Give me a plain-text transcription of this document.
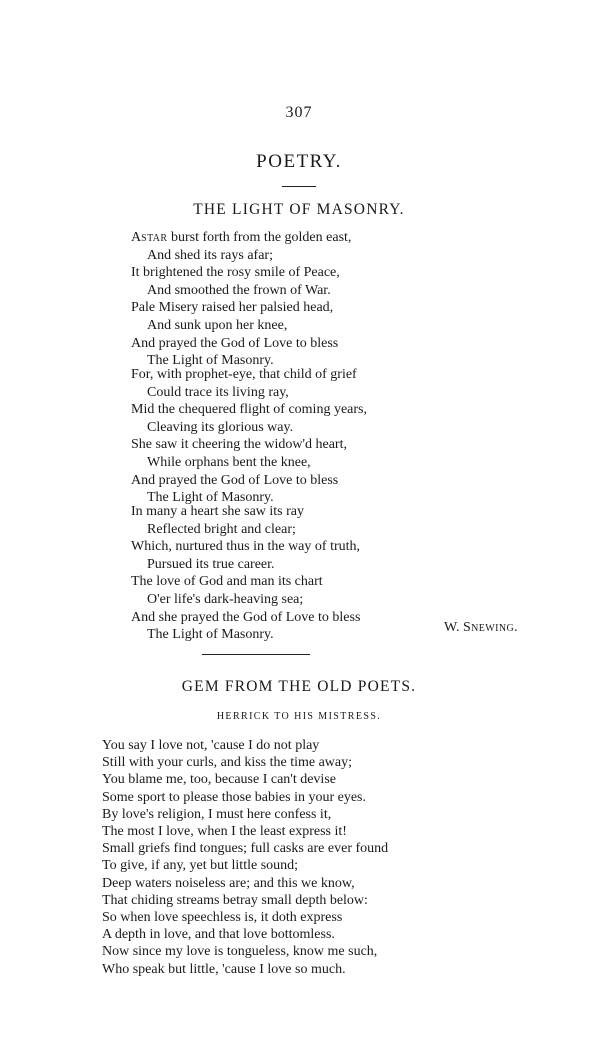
307
POETRY.
THE LIGHT OF MASONRY.
Astar burst forth from the golden east,
And shed its rays afar;
It brightened the rosy smile of Peace,
And smoothed the frown of War.
Pale Misery raised her palsied head,
And sunk upon her knee,
And prayed the God of Love to bless
The Light of Masonry.
For, with prophet-eye, that child of grief
Could trace its living ray,
Mid the chequered flight of coming years,
Cleaving its glorious way.
She saw it cheering the widow'd heart,
While orphans bent the knee,
And prayed the God of Love to bless
The Light of Masonry.
In many a heart she saw its ray
Reflected bright and clear;
Which, nurtured thus in the way of truth,
Pursued its true career.
The love of God and man its chart
O'er life's dark-heaving sea;
And she prayed the God of Love to bless
The Light of Masonry.	W. Snewing.
GEM FROM THE OLD POETS.
HERRICK TO HIS MISTRESS.
You say I love not, 'cause I do not play
Still with your curls, and kiss the time away;
You blame me, too, because I can't devise
Some sport to please those babies in your eyes.
By love's religion, I must here confess it,
The most I love, when I the least express it!
Small griefs find tongues; full casks are ever found
To give, if any, yet but little sound;
Deep waters noiseless are; and this we know,
That chiding streams betray small depth below:
So when love speechless is, it doth express
A depth in love, and that love bottomless.
Now since my love is tongueless, know me such,
Who speak but little, 'cause I love so much.
